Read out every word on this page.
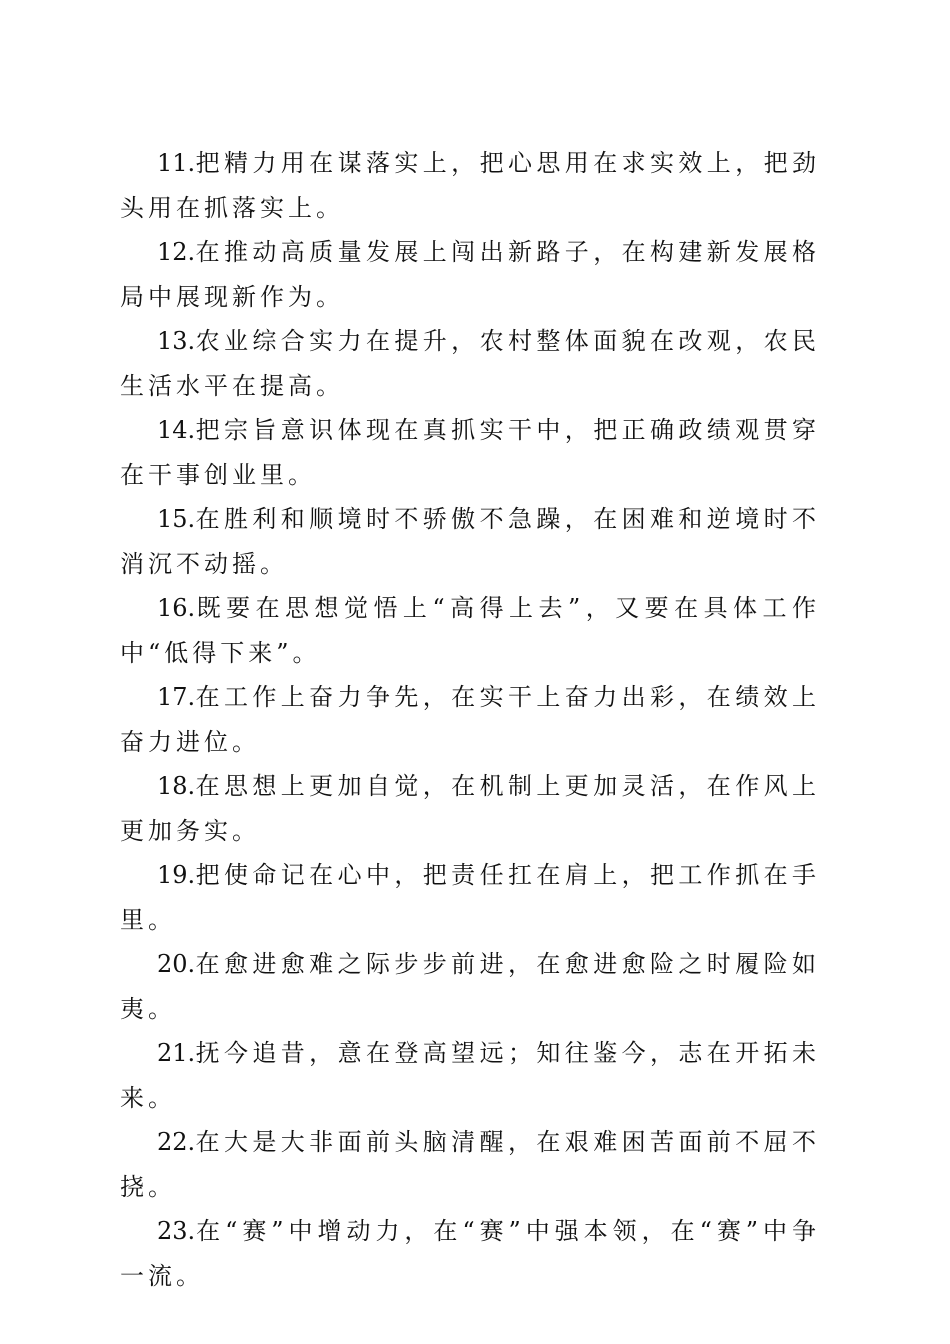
11.把精力用在谋落实上，把心思用在求实效上，把劲头用在抓落实上。

12.在推动高质量发展上闯出新路子，在构建新发展格局中展现新作为。

13.农业综合实力在提升，农村整体面貌在改观，农民生活水平在提高。

14.把宗旨意识体现在真抓实干中，把正确政绩观贯穿在干事创业里。

15.在胜利和顺境时不骄傲不急躁，在困难和逆境时不消沉不动摇。

16.既要在思想觉悟上“高得上去”，又要在具体工作中“低得下来”。

17.在工作上奋力争先，在实干上奋力出彩，在绩效上奋力进位。

18.在思想上更加自觉，在机制上更加灵活，在作风上更加务实。

19.把使命记在心中，把责任扛在肩上，把工作抓在手里。

20.在愈进愈难之际步步前进，在愈进愈险之时履险如夷。

21.抚今追昔，意在登高望远；知往鉴今，志在开拓未来。

22.在大是大非面前头脑清醒，在艰难困苦面前不屈不挠。

23.在“赛”中增动力，在“赛”中强本领，在“赛”中争一流。
